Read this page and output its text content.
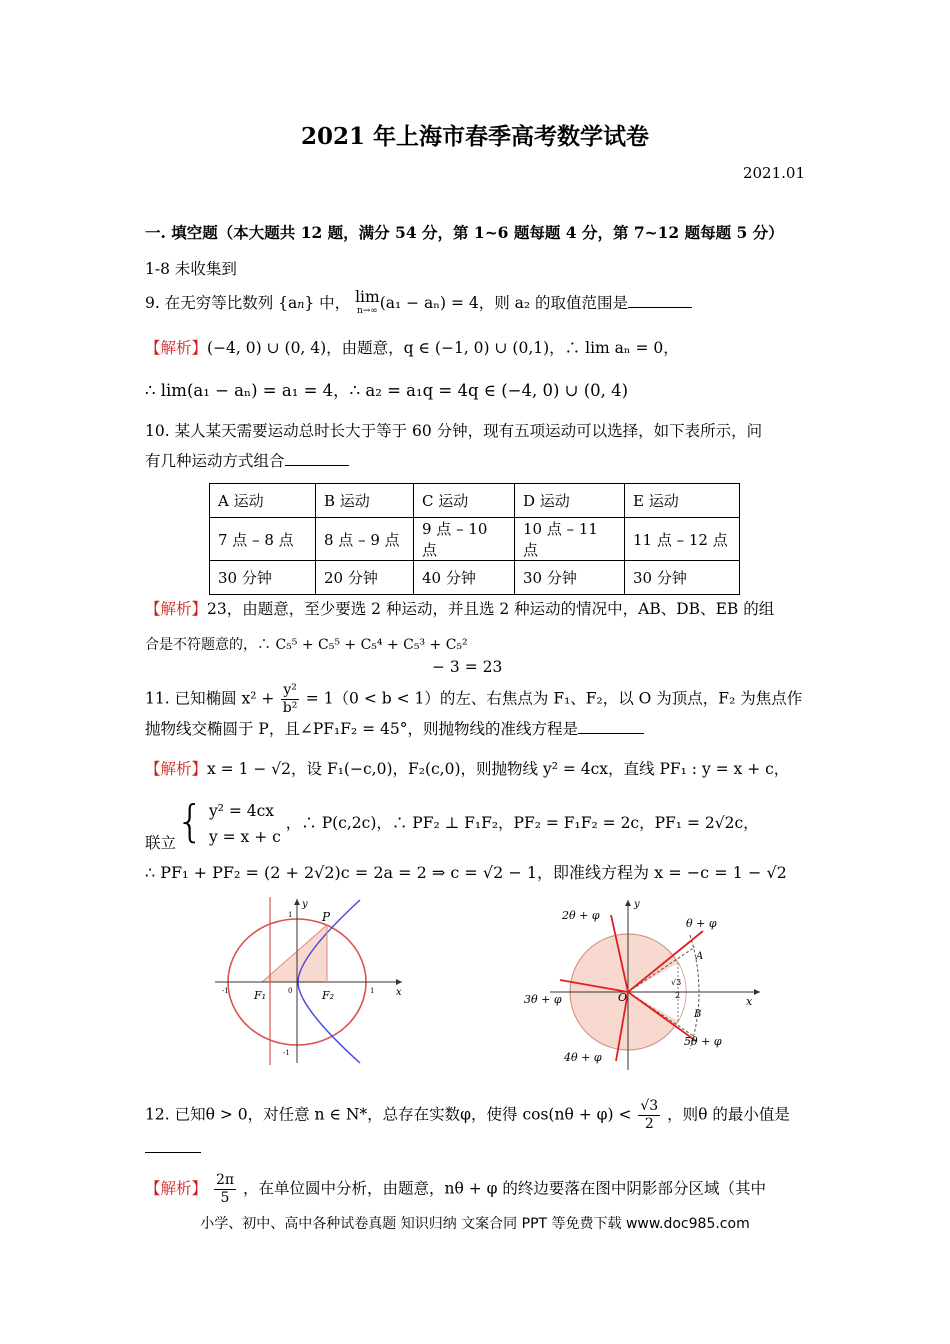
2021 年上海市春季高考数学试卷
2021.01
一. 填空题（本大题共 12 题，满分 54 分，第 1~6 题每题 4 分，第 7~12 题每题 5 分）
1-8 未收集到
9. 在无穷等比数列 {an} 中， lim
n→∞ (a₁ − aₙ) = 4，则 a₂ 的取值范围是
【解析】(−4, 0) ∪ (0, 4)，由题意，q ∈ (−1, 0) ∪ (0,1)，∴ lim aₙ = 0，
∴ lim(a₁ − aₙ) = a₁ = 4，∴ a₂ = a₁q = 4q ∈ (−4, 0) ∪ (0, 4)
10. 某人某天需要运动总时长大于等于 60 分钟，现有五项运动可以选择，如下表所示，问
有几种运动方式组合
A 运动	B 运动	C 运动	D 运动	E 运动
7 点 – 8 点	8 点 – 9 点	9 点 – 10 点	10 点 – 11 点	11 点 – 12 点
30 分钟	20 分钟	40 分钟	30 分钟	30 分钟
【解析】23，由题意，至少要选 2 种运动，并且选 2 种运动的情况中，AB、DB、EB 的组
合是不符题意的，∴ C₅⁵ + C₅⁵ + C₅⁴ + C₅³ + C₅²
− 3 = 23
11. 已知椭圆 $x^2 + \frac{\text{y²}}{\text{b²}} = 1(0 < b < 1)$的左、右焦点为 F₁、F₂，以 O 为顶点，F₂ 为焦点作
抛物线交椭圆于 P，且∠PF₁F₂ = 45°，则抛物线的准线方程是
【解析】x = 1 − √2，设 F₁(−c,0)，F₂(c,0)，则抛物线 y² = 4cx，直线 PF₁ : y = x + c，
联立{ y² = 4cx
y = x + c
，∴ P(c,2c)，∴ PF₂ ⊥ F₁F₂，PF₂ = F₁F₂ = 2c，PF₁ = 2√2c，
∴ PF₁ + PF₂ = (2 + 2√2)c = 2a = 2 ⇒ c = √2 − 1，即准线方程为 x = −c = 1 − √2
y
x
1
-1
1
-1	0
P
F₁	F₂
2θ + φ
θ + φ
3θ + φ
4θ + φ
5θ + φ
y
x
O
A
B
√3
2
12. 已知θ > 0，对任意 n ∈ N*，总存在实数φ，使得 $\cos(n\theta + \varphi) < \frac{√3}{2}$ ，则θ 的最小值是
【解析】 $\frac{2\pi}{5}$ ，在单位圆中分析，由题意，nθ + φ 的终边要落在图中阴影部分区域（其中
小学、初中、高中各种试卷真题 知识归纳 文案合同 PPT 等免费下载 www.doc985.com
